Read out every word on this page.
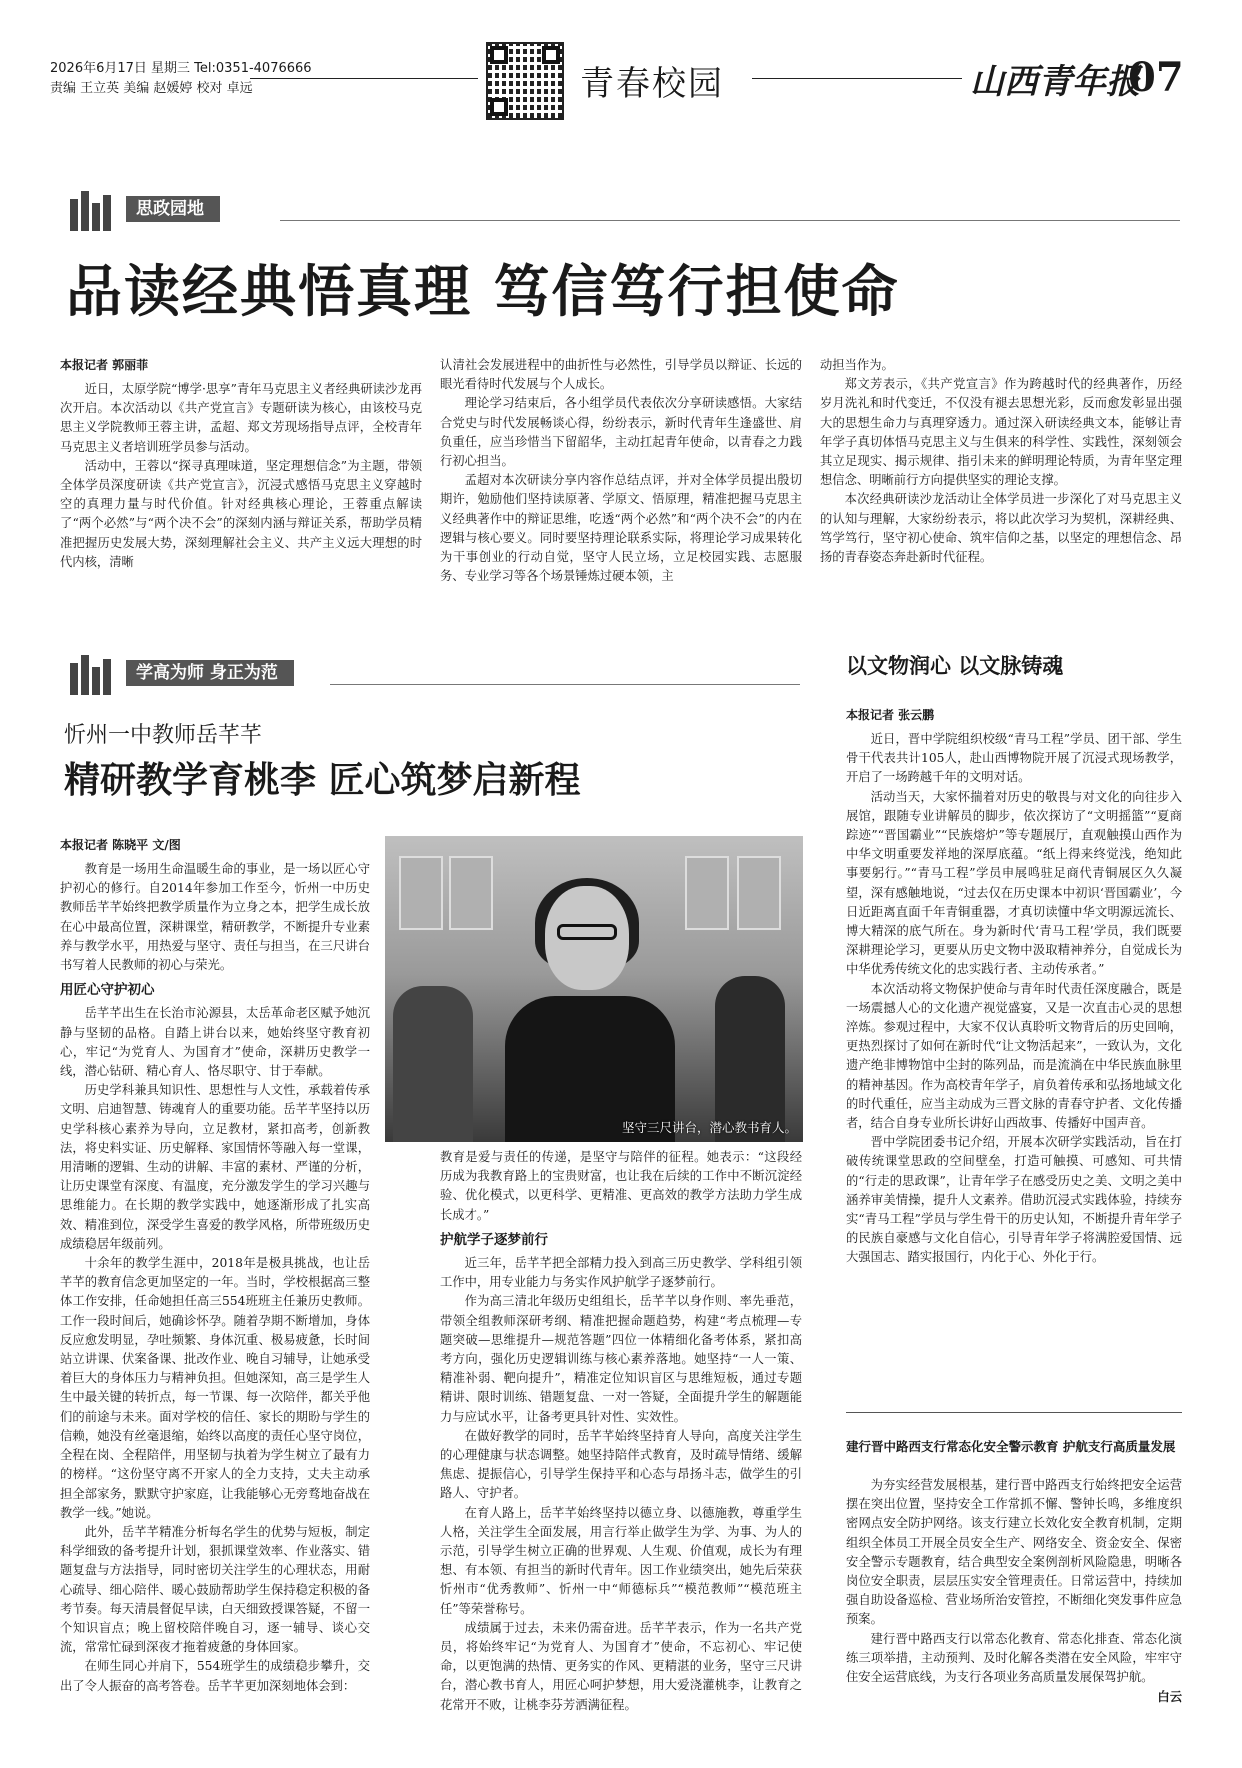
2026年6月17日 星期三 Tel:0351-4076666
责编 王立英 美编 赵媛婷 校对 卓远	青春校园	山西青年报
07
思政园地
品读经典悟真理 笃信笃行担使命
本报记者 郭丽菲

近日，太原学院“博学·思享”青年马克思主义者经典研读沙龙再次开启。本次活动以《共产党宣言》专题研读为核心，由该校马克思主义学院教师王蓉主讲，孟超、郑文芳现场指导点评，全校青年马克思主义者培训班学员参与活动。

活动中，王蓉以“探寻真理味道，坚定理想信念”为主题，带领全体学员深度研读《共产党宣言》，沉浸式感悟马克思主义穿越时空的真理力量与时代价值。针对经典核心理论，王蓉重点解读了“两个必然”与“两个决不会”的深刻内涵与辩证关系，帮助学员精准把握历史发展大势，深刻理解社会主义、共产主义远大理想的时代内核，清晰

认清社会发展进程中的曲折性与必然性，引导学员以辩证、长远的眼光看待时代发展与个人成长。

理论学习结束后，各小组学员代表依次分享研读感悟。大家结合党史与时代发展畅谈心得，纷纷表示，新时代青年生逢盛世、肩负重任，应当珍惜当下留韶华，主动扛起青年使命，以青春之力践行初心担当。

孟超对本次研读分享内容作总结点评，并对全体学员提出殷切期许，勉励他们坚持读原著、学原文、悟原理，精准把握马克思主义经典著作中的辩证思维，吃透“两个必然”和“两个决不会”的内在逻辑与核心要义。同时要坚持理论联系实际，将理论学习成果转化为干事创业的行动自觉，坚守人民立场，立足校园实践、志愿服务、专业学习等各个场景锤炼过硬本领，主

动担当作为。

郑文芳表示，《共产党宣言》作为跨越时代的经典著作，历经岁月洗礼和时代变迁，不仅没有褪去思想光彩，反而愈发彰显出强大的思想生命力与真理穿透力。通过深入研读经典文本，能够让青年学子真切体悟马克思主义与生俱来的科学性、实践性，深刻领会其立足现实、揭示规律、指引未来的鲜明理论特质，为青年坚定理想信念、明晰前行方向提供坚实的理论支撑。

本次经典研读沙龙活动让全体学员进一步深化了对马克思主义的认知与理解，大家纷纷表示，将以此次学习为契机，深耕经典、笃学笃行，坚守初心使命、筑牢信仰之基，以坚定的理想信念、昂扬的青春姿态奔赴新时代征程。

学高为师 身正为范
忻州一中教师岳芊芊
精研教学育桃李 匠心筑梦启新程
本报记者 陈晓平 文/图
坚守三尺讲台，潜心教书育人。

教育是一场用生命温暖生命的事业，是一场以匠心守护初心的修行。自2014年参加工作至今，忻州一中历史教师岳芊芊始终把教学质量作为立身之本，把学生成长放在心中最高位置，深耕课堂，精研教学，不断提升专业素养与教学水平，用热爱与坚守、责任与担当，在三尺讲台书写着人民教师的初心与荣光。

用匠心守护初心

岳芊芊出生在长治市沁源县，太岳革命老区赋予她沉静与坚韧的品格。自踏上讲台以来，她始终坚守教育初心，牢记“为党育人、为国育才”使命，深耕历史教学一线，潜心钻研、精心育人、恪尽职守、甘于奉献。

历史学科兼具知识性、思想性与人文性，承载着传承文明、启迪智慧、铸魂育人的重要功能。岳芊芊坚持以历史学科核心素养为导向，立足教材，紧扣高考，创新教法，将史料实证、历史解释、家国情怀等融入每一堂课，用清晰的逻辑、生动的讲解、丰富的素材、严谨的分析，让历史课堂有深度、有温度，充分激发学生的学习兴趣与思维能力。在长期的教学实践中，她逐渐形成了扎实高效、精准到位，深受学生喜爱的教学风格，所带班级历史成绩稳居年级前列。

十余年的教学生涯中，2018年是极具挑战，也让岳芊芊的教育信念更加坚定的一年。当时，学校根据高三整体工作安排，任命她担任高三554班班主任兼历史教师。工作一段时间后，她确诊怀孕。随着孕期不断增加，身体反应愈发明显，孕吐频繁、身体沉重、极易疲惫，长时间站立讲课、伏案备课、批改作业、晚自习辅导，让她承受着巨大的身体压力与精神负担。但她深知，高三是学生人生中最关键的转折点，每一节课、每一次陪伴，都关乎他们的前途与未来。面对学校的信任、家长的期盼与学生的信赖，她没有丝毫退缩，始终以高度的责任心坚守岗位，全程在岗、全程陪伴，用坚韧与执着为学生树立了最有力的榜样。“这份坚守离不开家人的全力支持，丈夫主动承担全部家务，默默守护家庭，让我能够心无旁骛地奋战在教学一线。”她说。

此外，岳芊芊精准分析每名学生的优势与短板，制定科学细致的备考提升计划，狠抓课堂效率、作业落实、错题复盘与方法指导，同时密切关注学生的心理状态，用耐心疏导、细心陪伴、暖心鼓励帮助学生保持稳定积极的备考节奏。每天清晨督促早读，白天细致授课答疑，不留一个知识盲点；晚上留校陪伴晚自习，逐一辅导、谈心交流，常常忙碌到深夜才拖着疲惫的身体回家。

在师生同心并肩下，554班学生的成绩稳步攀升，交出了令人振奋的高考答卷。岳芊芊更加深刻地体会到：

教育是爱与责任的传递，是坚守与陪伴的征程。她表示：“这段经历成为我教育路上的宝贵财富，也让我在后续的工作中不断沉淀经验、优化模式，以更科学、更精准、更高效的教学方法助力学生成长成才。”

护航学子逐梦前行

近三年，岳芊芊把全部精力投入到高三历史教学、学科组引领工作中，用专业能力与务实作风护航学子逐梦前行。

作为高三清北年级历史组组长，岳芊芊以身作则、率先垂范，带领全组教师深研考纲、精准把握命题趋势，构建“考点梳理—专题突破—思维提升—规范答题”四位一体精细化备考体系，紧扣高考方向，强化历史逻辑训练与核心素养落地。她坚持“一人一策、精准补弱、靶向提升”，精准定位知识盲区与思维短板，通过专题精讲、限时训练、错题复盘、一对一答疑，全面提升学生的解题能力与应试水平，让备考更具针对性、实效性。

在做好教学的同时，岳芊芊始终坚持育人导向，高度关注学生的心理健康与状态调整。她坚持陪伴式教育，及时疏导情绪、缓解焦虑、提振信心，引导学生保持平和心态与昂扬斗志，做学生的引路人、守护者。

在育人路上，岳芊芊始终坚持以德立身、以德施教，尊重学生人格，关注学生全面发展，用言行举止做学生为学、为事、为人的示范，引导学生树立正确的世界观、人生观、价值观，成长为有理想、有本领、有担当的新时代青年。因工作业绩突出，她先后荣获忻州市“优秀教师”、忻州一中“师德标兵”“模范教师”“模范班主任”等荣誉称号。

成绩属于过去，未来仍需奋进。岳芊芊表示，作为一名共产党员，将始终牢记“为党育人、为国育才”使命，不忘初心、牢记使命，以更饱满的热情、更务实的作风、更精湛的业务，坚守三尺讲台，潜心教书育人，用匠心呵护梦想，用大爱浇灌桃李，让教育之花常开不败，让桃李芬芳洒满征程。

以文物润心 以文脉铸魂
本报记者 张云鹏

近日，晋中学院组织校级“青马工程”学员、团干部、学生骨干代表共计105人，赴山西博物院开展了沉浸式现场教学，开启了一场跨越千年的文明对话。

活动当天，大家怀揣着对历史的敬畏与对文化的向往步入展馆，跟随专业讲解员的脚步，依次探访了“文明摇篮”“夏商踪迹”“晋国霸业”“民族熔炉”等专题展厅，直观触摸山西作为中华文明重要发祥地的深厚底蕴。“纸上得来终觉浅，绝知此事要躬行。”“青马工程”学员申展鸣驻足商代青铜展区久久凝望，深有感触地说，“过去仅在历史课本中初识‘晋国霸业’，今日近距离直面千年青铜重器，才真切读懂中华文明源远流长、博大精深的底气所在。身为新时代‘青马工程’学员，我们既要深耕理论学习，更要从历史文物中汲取精神养分，自觉成长为中华优秀传统文化的忠实践行者、主动传承者。”

本次活动将文物保护使命与青年时代责任深度融合，既是一场震撼人心的文化遗产视觉盛宴，又是一次直击心灵的思想淬炼。参观过程中，大家不仅认真聆听文物背后的历史回响，更热烈探讨了如何在新时代“让文物活起来”，一致认为，文化遗产绝非博物馆中尘封的陈列品，而是流淌在中华民族血脉里的精神基因。作为高校青年学子，肩负着传承和弘扬地域文化的时代重任，应当主动成为三晋文脉的青春守护者、文化传播者，结合自身专业所长讲好山西故事、传播好中国声音。

晋中学院团委书记介绍，开展本次研学实践活动，旨在打破传统课堂思政的空间壁垒，打造可触摸、可感知、可共情的“行走的思政课”，让青年学子在感受历史之美、文明之美中涵养审美情操，提升人文素养。借助沉浸式实践体验，持续夯实“青马工程”学员与学生骨干的历史认知，不断提升青年学子的民族自豪感与文化自信心，引导青年学子将满腔爱国情、远大强国志、踏实报国行，内化于心、外化于行。

建行晋中路西支行常态化安全警示教育 护航支行高质量发展

为夯实经营发展根基，建行晋中路西支行始终把安全运营摆在突出位置，坚持安全工作常抓不懈、警钟长鸣，多维度织密网点安全防护网络。该支行建立长效化安全教育机制，定期组织全体员工开展全员安全生产、网络安全、资金安全、保密安全警示专题教育，结合典型安全案例剖析风险隐患，明晰各岗位安全职责，层层压实安全管理责任。日常运营中，持续加强自助设备巡检、营业场所治安管控，不断细化突发事件应急预案。

建行晋中路西支行以常态化教育、常态化排查、常态化演练三项举措，主动预判、及时化解各类潜在安全风险，牢牢守住安全运营底线，为支行各项业务高质量发展保驾护航。

白云
